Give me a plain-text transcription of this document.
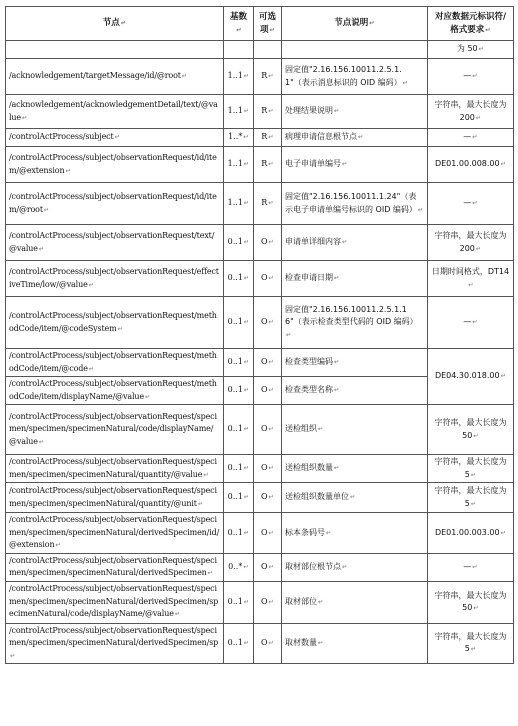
节点↵	基数↵	可选项↵	节点说明↵	对应数据元标识符/格式要求↵
				为 50↵
/acknowledgement/targetMessage/id/@root↵	1..1↵	R↵	固定值"2.16.156.10011.2.5.1.1"（表示消息标识的 OID 编码）↵	—↵
/acknowledgement/acknowledgementDetail/text/@value↵	1..1↵	R↵	处理结果说明↵	字符串，最大长度为 200↵
/controlActProcess/subject↵	1..*↵	R↵	病理申请信息根节点↵	—↵
/controlActProcess/subject/observationRequest/id/item/@extension↵	1..1↵	R↵	电子申请单编号↵	DE01.00.008.00↵
/controlActProcess/subject/observationRequest/id/item/@root↵	1..1↵	R↵	固定值"2.16.156.10011.1.24"（表示电子申请单编号标识的 OID 编码）↵	—↵
/controlActProcess/subject/observationRequest/text/@value↵	0..1↵	O↵	申请单详细内容↵	字符串，最大长度为 200↵
/controlActProcess/subject/observationRequest/effectiveTime/low/@value↵	0..1↵	O↵	检查申请日期↵	日期时间格式，DT14↵
/controlActProcess/subject/observationRequest/methodCode/item/@codeSystem↵	0..1↵	O↵	固定值"2.16.156.10011.2.5.1.16"（表示检查类型代码的 OID 编码）↵	—↵
/controlActProcess/subject/observationRequest/methodCode/item/@code↵	0..1↵	O↵	检查类型编码↵	DE04.30.018.00↵
/controlActProcess/subject/observationRequest/methodCode/item/displayName/@value↵	0..1↵	O↵	检查类型名称↵	
/controlActProcess/subject/observationRequest/specimen/specimen/specimenNatural/code/displayName/@value↵	0..1↵	O↵	送检组织↵	字符串，最大长度为 50↵
/controlActProcess/subject/observationRequest/specimen/specimen/specimenNatural/quantity/@value↵	0..1↵	O↵	送检组织数量↵	字符串，最大长度为 5↵
/controlActProcess/subject/observationRequest/specimen/specimen/specimenNatural/quantity/@unit↵	0..1↵	O↵	送检组织数量单位↵	字符串，最大长度为 5↵
/controlActProcess/subject/observationRequest/specimen/specimen/specimenNatural/derivedSpecimen/id/@extension↵	0..1↵	O↵	标本条码号↵	DE01.00.003.00↵
/controlActProcess/subject/observationRequest/specimen/specimen/specimenNatural/derivedSpecimen↵	0..*↵	O↵	取材部位根节点↵	—↵
/controlActProcess/subject/observationRequest/specimen/specimen/specimenNatural/derivedSpecimen/specimenNatural/code/displayName/@value↵	0..1↵	O↵	取材部位↵	字符串，最大长度为 50↵
/controlActProcess/subject/observationRequest/specimen/specimen/specimenNatural/derivedSpecimen/sp↵	0..1↵	O↵	取材数量↵	字符串，最大长度为 5↵
